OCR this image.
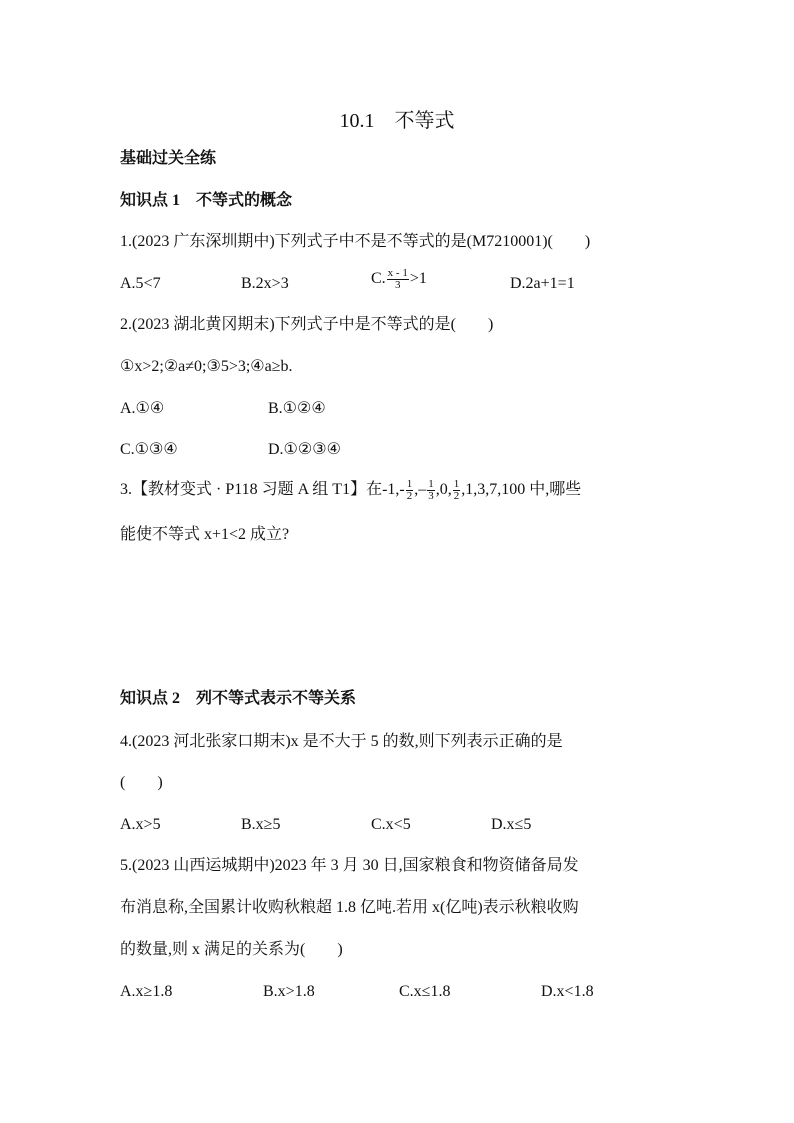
10.1　不等式
基础过关全练
知识点 1　不等式的概念
1.(2023 广东深圳期中)下列式子中不是不等式的是(M7210001)(　　)
A.5<7	B.2x>3	C. $\frac{x - 1}{3} >1$	D.2a+1=1
2.(2023 湖北黄冈期末)下列式子中是不等式的是(　　)
①x>2;②a≠0;③5>3;④a≥b.
A.①④	B.①②④
C.①③④	D.①②③④
3.【教材变式 · P118 习题 A 组 T1】在$-1,- \frac{1}{2}$ ,– $\frac{1}{3} ,0$, $\frac{1}{2} ,1,3,7,100$ 中,哪些
能使不等式 x+1<2 成立?
知识点 2　列不等式表示不等关系
4.(2023 河北张家口期末)x 是不大于 5 的数,则下列表示正确的是
(　　)
A.x>5	B.x≥5	C.x<5	D.x≤5
5.(2023 山西运城期中)2023 年 3 月 30 日,国家粮食和物资储备局发
布消息称,全国累计收购秋粮超 1.8 亿吨.若用 x(亿吨)表示秋粮收购
的数量,则 x 满足的关系为(　　)
A.x≥1.8	B.x>1.8	C.x≤1.8	D.x<1.8
